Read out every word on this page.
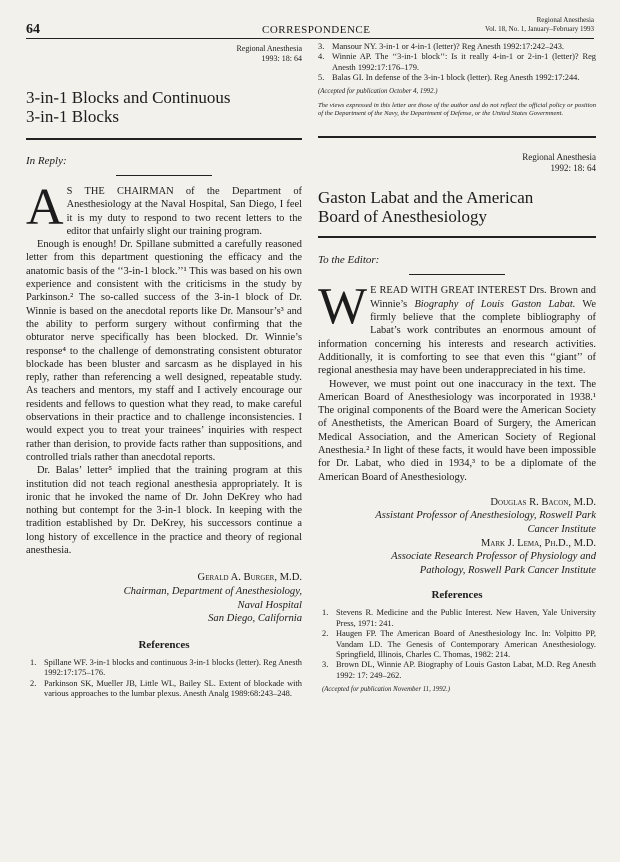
64	CORRESPONDENCE
Regional Anesthesia
Vol. 18, No. 1, January–February 1993
Regional Anesthesia
1993: 18: 64
3-in-1 Blocks and Continuous
3-in-1 Blocks
In Reply:

A S THE CHAIRMAN of the Department of Anesthesiology at the Naval Hospital, San Diego, I feel it is my duty to respond to two recent letters to the editor that unfairly slight our training program.

Enough is enough! Dr. Spillane submitted a carefully reasoned letter from this department questioning the efficacy and the anatomic basis of the ‘‘3-in-1 block.’’¹ This was based on his own experience and consistent with the criticisms in the study by Parkinson.² The so-called success of the 3-in-1 block of Dr. Winnie is based on the anecdotal reports like Dr. Mansour’s³ and the ability to perform surgery without confirming that the obturator nerve specifically has been blocked. Dr. Winnie’s response⁴ to the challenge of demonstrating consistent obturator blockade has been bluster and sarcasm as he displayed in his reply, rather than referencing a well designed, repeatable study. As teachers and mentors, my staff and I actively encourage our residents and fellows to question what they read, to make careful observations in their practice and to challenge inconsistencies. I would expect you to treat your trainees’ inquiries with respect rather than derision, to provide facts rather than suppositions, and controlled trials rather than anecdotal reports.

Dr. Balas’ letter⁵ implied that the training program at this institution did not teach regional anesthesia appropriately. It is ironic that he invoked the name of Dr. John DeKrey who had nothing but contempt for the 3-in-1 block. In keeping with the tradition established by Dr. DeKrey, his successors continue a long history of excellence in the practice and theory of regional anesthesia.

Gerald A. Burger, M.D.
Chairman, Department of Anesthesiology,
Naval Hospital
San Diego, California
References
1. Spillane WF. 3-in-1 blocks and continuous 3-in-1 blocks (letter). Reg Anesth 1992:17:175–176.
2. Parkinson SK, Mueller JB, Little WL, Bailey SL. Extent of blockade with various approaches to the lumbar plexus. Anesth Analg 1989:68:243–248.
3. Mansour NY. 3-in-1 or 4-in-1 (letter)? Reg Anesth 1992:17:242–243.
4. Winnie AP. The ‘‘3-in-1 block’’: Is it really 4-in-1 or 2-in-1 (letter)? Reg Anesth 1992:17:176–179.
5. Balas GI. In defense of the 3-in-1 block (letter). Reg Anesth 1992:17:244.
(Accepted for publication October 4, 1992.)
The views expressed in this letter are those of the author and do not reflect the official policy or position of the Department of the Navy, the Department of Defense, or the United States Government.
Regional Anesthesia
1992: 18: 64
Gaston Labat and the American
Board of Anesthesiology
To the Editor:

W E READ WITH GREAT INTEREST Drs. Brown and Winnie’s Biography of Louis Gaston Labat. We firmly believe that the complete bibliography of Labat’s work contributes an enormous amount of information concerning his interests and research activities. Additionally, it is comforting to see that even this ‘‘giant’’ of regional anesthesia may have been underappreciated in his time.

However, we must point out one inaccuracy in the text. The American Board of Anesthesiology was incorporated in 1938.¹ The original components of the Board were the American Society of Anesthetists, the American Board of Surgery, the American Medical Association, and the American Society of Regional Anesthesia.² In light of these facts, it would have been impossible for Dr. Labat, who died in 1934,³ to be a diplomate of the American Board of Anesthesiology.

Douglas R. Bacon, M.D.
Assistant Professor of Anesthesiology, Roswell Park
Cancer Institute
Mark J. Lema, Ph.D., M.D.
Associate Research Professor of Physiology and
Pathology, Roswell Park Cancer Institute
References
1. Stevens R. Medicine and the Public Interest. New Haven, Yale University Press, 1971: 241.
2. Haugen FP. The American Board of Anesthesiology Inc. In: Volpitto PP, Vandam LD. The Genesis of Contemporary American Anesthesiology. Springfield, Illinois, Charles C. Thomas, 1982: 214.
3. Brown DL, Winnie AP. Biography of Louis Gaston Labat, M.D. Reg Anesth 1992: 17: 249–262.
(Accepted for publication November 11, 1992.)
